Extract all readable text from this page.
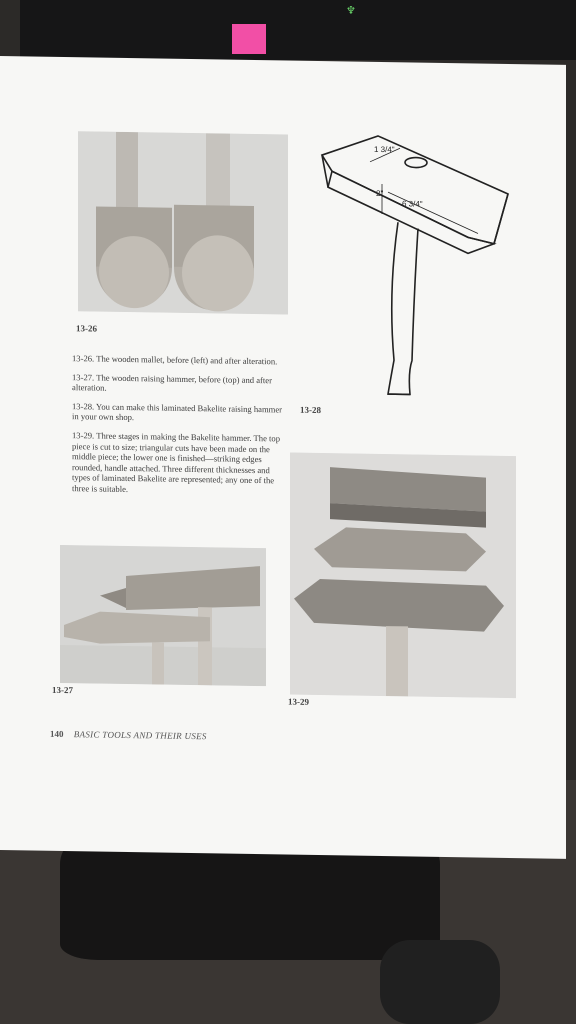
♆
13-26
1 3/4"
2"
6 3/4"
13-28

13-26. The wooden mallet, before (left) and after alteration.

13-27. The wooden raising hammer, before (top) and after alteration.

13-28. You can make this laminated Bakelite raising hammer in your own shop.

13-29. Three stages in making the Bakelite hammer. The top piece is cut to size; triangular cuts have been made on the middle piece; the lower one is finished—striking edges rounded, handle attached. Three different thicknesses and types of laminated Bakelite are represented; any one of the three is suitable.

13-27
13-29
140 BASIC TOOLS AND THEIR USES
